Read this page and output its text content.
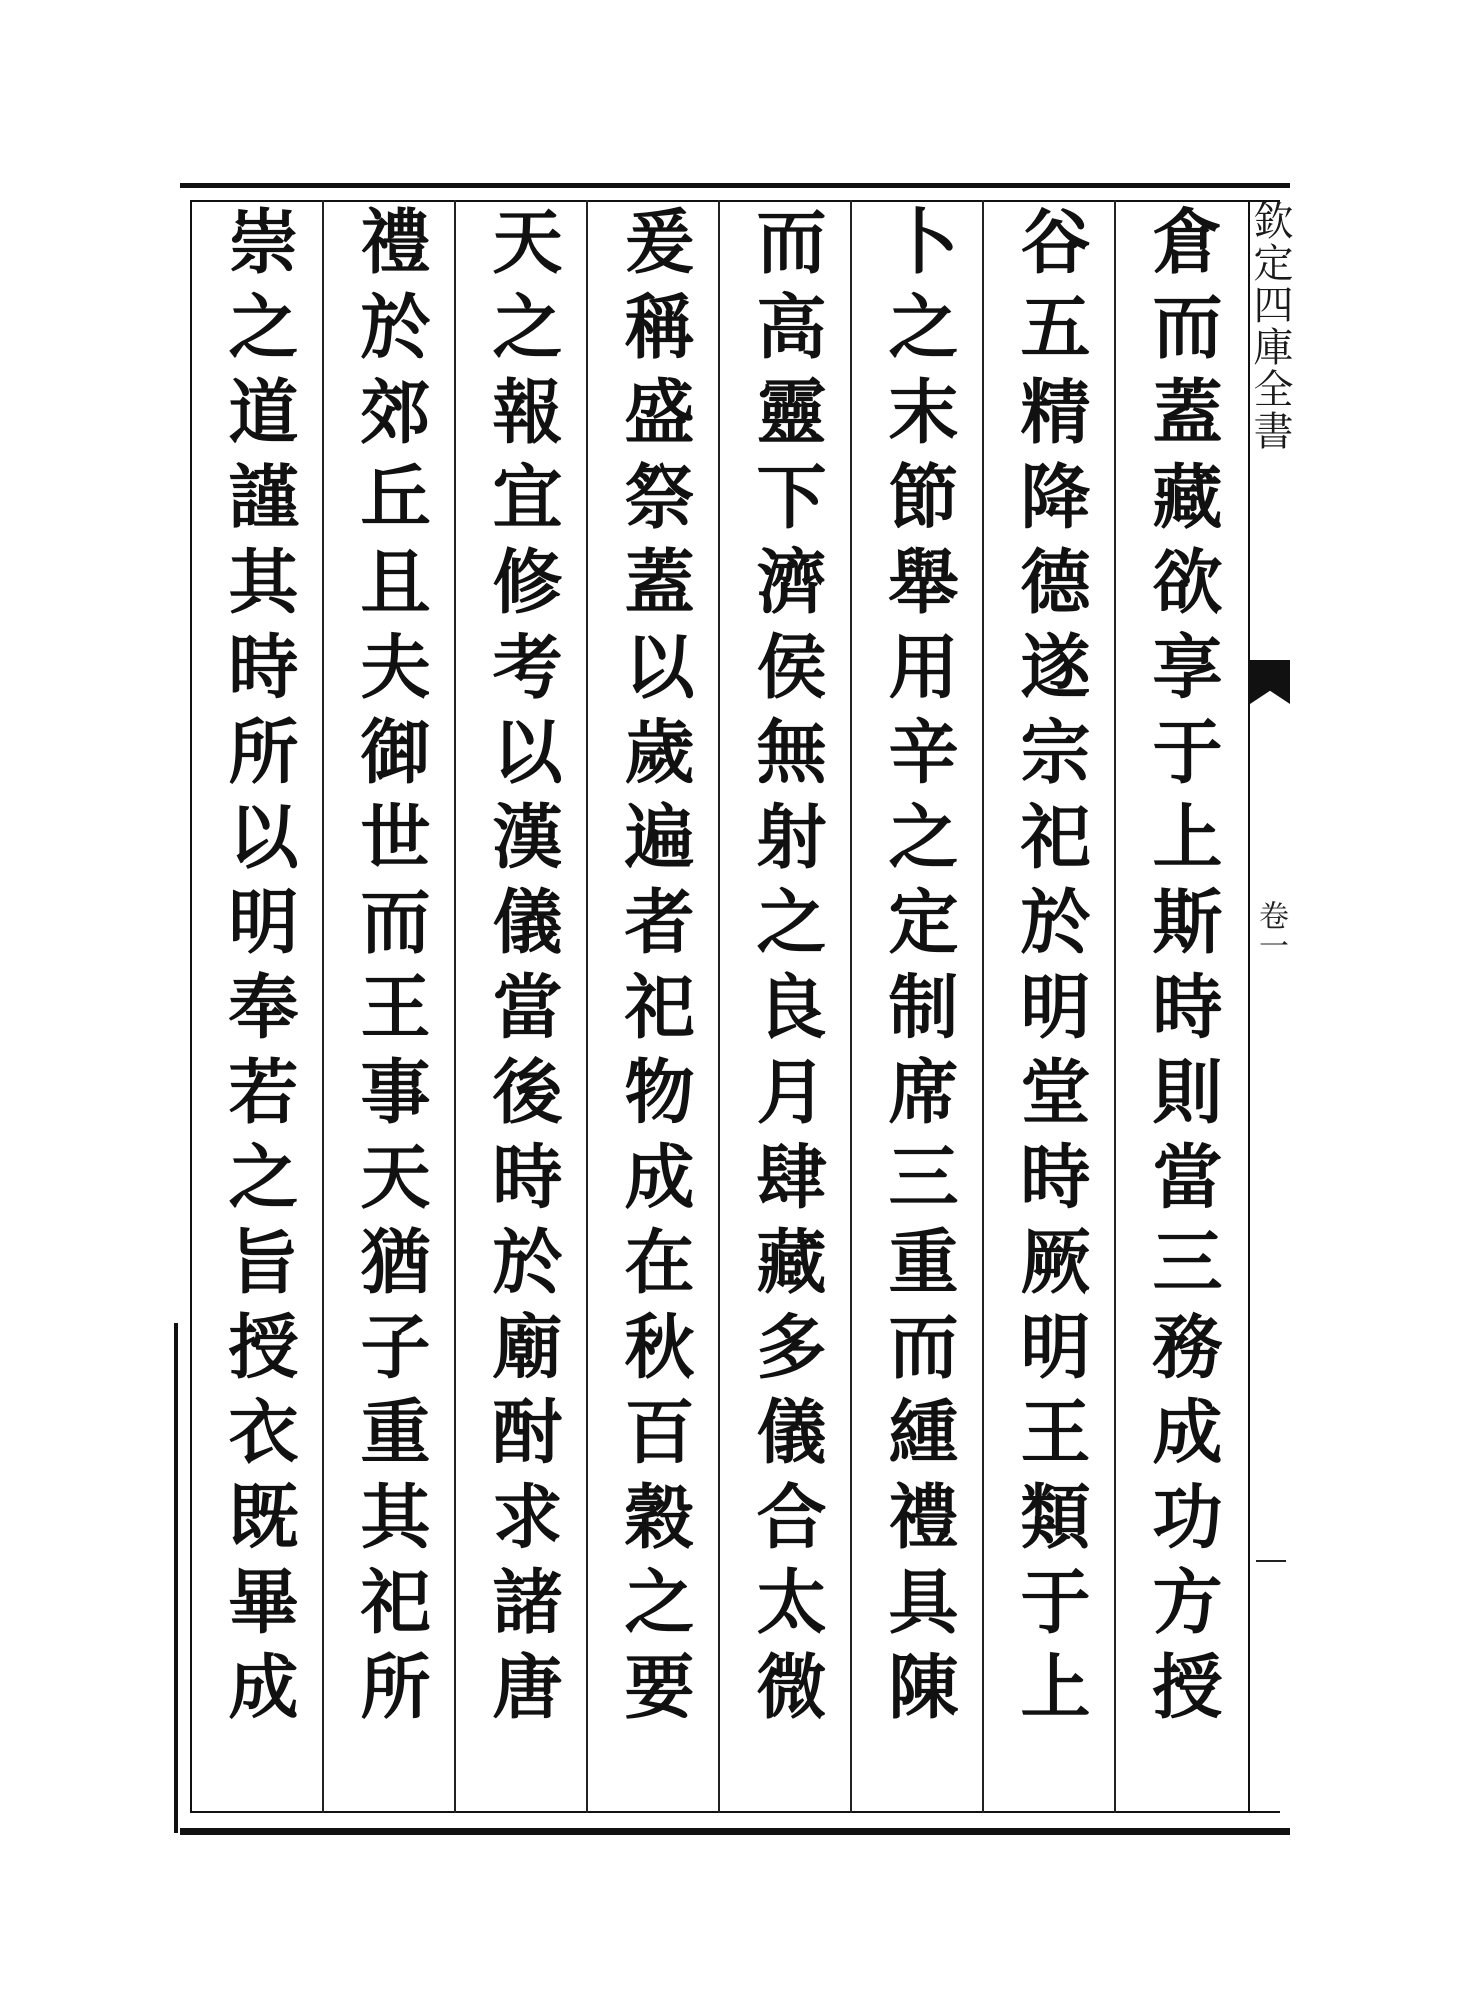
欽定四庫全書
卷一
倉而蓋藏欲享于上斯時則當三務成功方授
谷五精降德遂宗祀於明堂時厥明王類于上
卜之末節舉用辛之定制席三重而緟禮具陳
而高靈下濟侯無射之良月肆藏多儀合太微
爰稱盛祭蓋以歲遍者祀物成在秋百穀之要
天之報宜修考以漢儀當後時於廟酎求諸唐
禮於郊丘且夫御世而王事天猶子重其祀所
崇之道謹其時所以明奉若之旨授衣既畢成
